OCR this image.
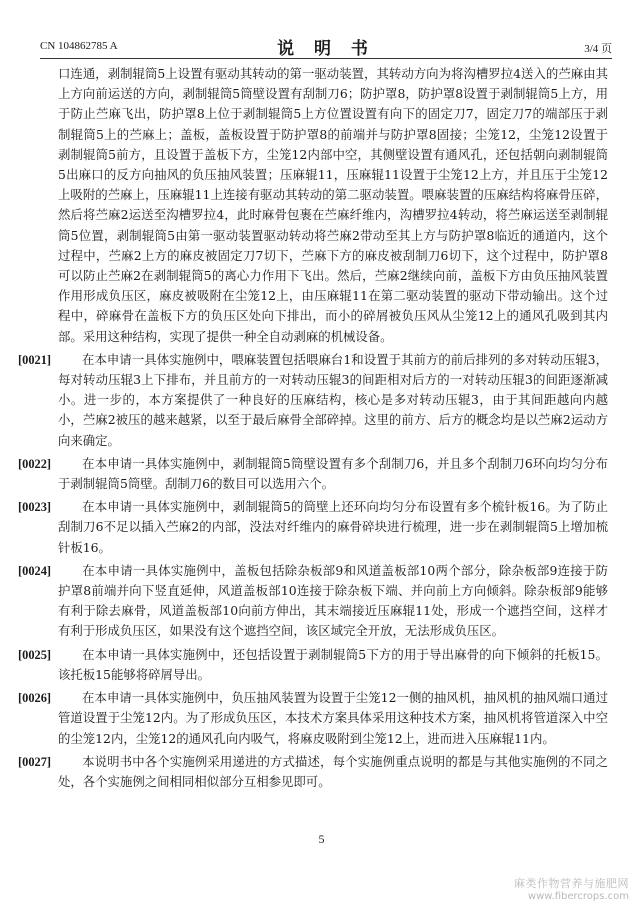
CN 104862785 A	说 明 书	3/4 页

口连通，剥制辊筒5上设置有驱动其转动的第一驱动装置，其转动方向为将沟槽罗拉4送入的苎麻由其上方向前运送的方向，剥制辊筒5筒壁设置有刮制刀6；防护罩8，防护罩8设置于剥制辊筒5上方，用于防止苎麻飞出，防护罩8上位于剥制辊筒5上方位置设置有向下的固定刀7，固定刀7的端部压于剥制辊筒5上的苎麻上；盖板，盖板设置于防护罩8的前端并与防护罩8固接；尘笼12，尘笼12设置于剥制辊筒5前方，且设置于盖板下方，尘笼12内部中空，其侧壁设置有通风孔，还包括朝向剥制辊筒5出麻口的反方向抽风的负压抽风装置；压麻辊11，压麻辊11设置于尘笼12上方，并且压于尘笼12上吸附的苎麻上，压麻辊11上连接有驱动其转动的第二驱动装置。喂麻装置的压麻结构将麻骨压碎，然后将苎麻2运送至沟槽罗拉4，此时麻骨包裹在苎麻纤维内，沟槽罗拉4转动，将苎麻运送至剥制辊筒5位置，剥制辊筒5由第一驱动装置驱动转动将苎麻2带动至其上方与防护罩8临近的通道内，这个过程中，苎麻2上方的麻皮被固定刀7切下，苎麻下方的麻皮被刮制刀6切下，这个过程中，防护罩8可以防止苎麻2在剥制辊筒5的离心力作用下飞出。然后，苎麻2继续向前，盖板下方由负压抽风装置作用形成负压区，麻皮被吸附在尘笼12上，由压麻辊11在第二驱动装置的驱动下带动输出。这个过程中，碎麻骨在盖板下方的负压区处向下排出，而小的碎屑被负压风从尘笼12上的通风孔吸到其内部。采用这种结构，实现了提供一种全自动剥麻的机械设备。

[0021] 在本申请一具体实施例中，喂麻装置包括喂麻台1和设置于其前方的前后排列的多对转动压辊3，每对转动压辊3上下排布，并且前方的一对转动压辊3的间距相对后方的一对转动压辊3的间距逐渐减小。进一步的，本方案提供了一种良好的压麻结构，核心是多对转动压辊3，由于其间距越向内越小，苎麻2被压的越来越紧，以至于最后麻骨全部碎掉。这里的前方、后方的概念均是以苎麻2运动方向来确定。

[0022] 在本申请一具体实施例中，剥制辊筒5筒壁设置有多个刮制刀6，并且多个刮制刀6环向均匀分布于剥制辊筒5筒壁。刮制刀6的数目可以选用六个。

[0023] 在本申请一具体实施例中，剥制辊筒5的筒壁上还环向均匀分布设置有多个梳针板16。为了防止刮制刀6不足以插入苎麻2的内部，没法对纤维内的麻骨碎块进行梳理，进一步在剥制辊筒5上增加梳针板16。

[0024] 在本申请一具体实施例中，盖板包括除杂板部9和风道盖板部10两个部分，除杂板部9连接于防护罩8前端并向下竖直延伸，风道盖板部10连接于除杂板下端、并向前上方向倾斜。除杂板部9能够有利于除去麻骨，风道盖板部10向前方伸出，其末端接近压麻辊11处，形成一个遮挡空间，这样才有利于形成负压区，如果没有这个遮挡空间，该区域完全开放，无法形成负压区。

[0025] 在本申请一具体实施例中，还包括设置于剥制辊筒5下方的用于导出麻骨的向下倾斜的托板15。该托板15能够将碎屑导出。

[0026] 在本申请一具体实施例中，负压抽风装置为设置于尘笼12一侧的抽风机，抽风机的抽风端口通过管道设置于尘笼12内。为了形成负压区，本技术方案具体采用这种技术方案，抽风机将管道深入中空的尘笼12内，尘笼12的通风孔向内吸气，将麻皮吸附到尘笼12上，进而进入压麻辊11内。

[0027] 本说明书中各个实施例采用递进的方式描述，每个实施例重点说明的都是与其他实施例的不同之处，各个实施例之间相同相似部分互相参见即可。

5
麻类作物营养与施肥网
www.fibercrops.com
